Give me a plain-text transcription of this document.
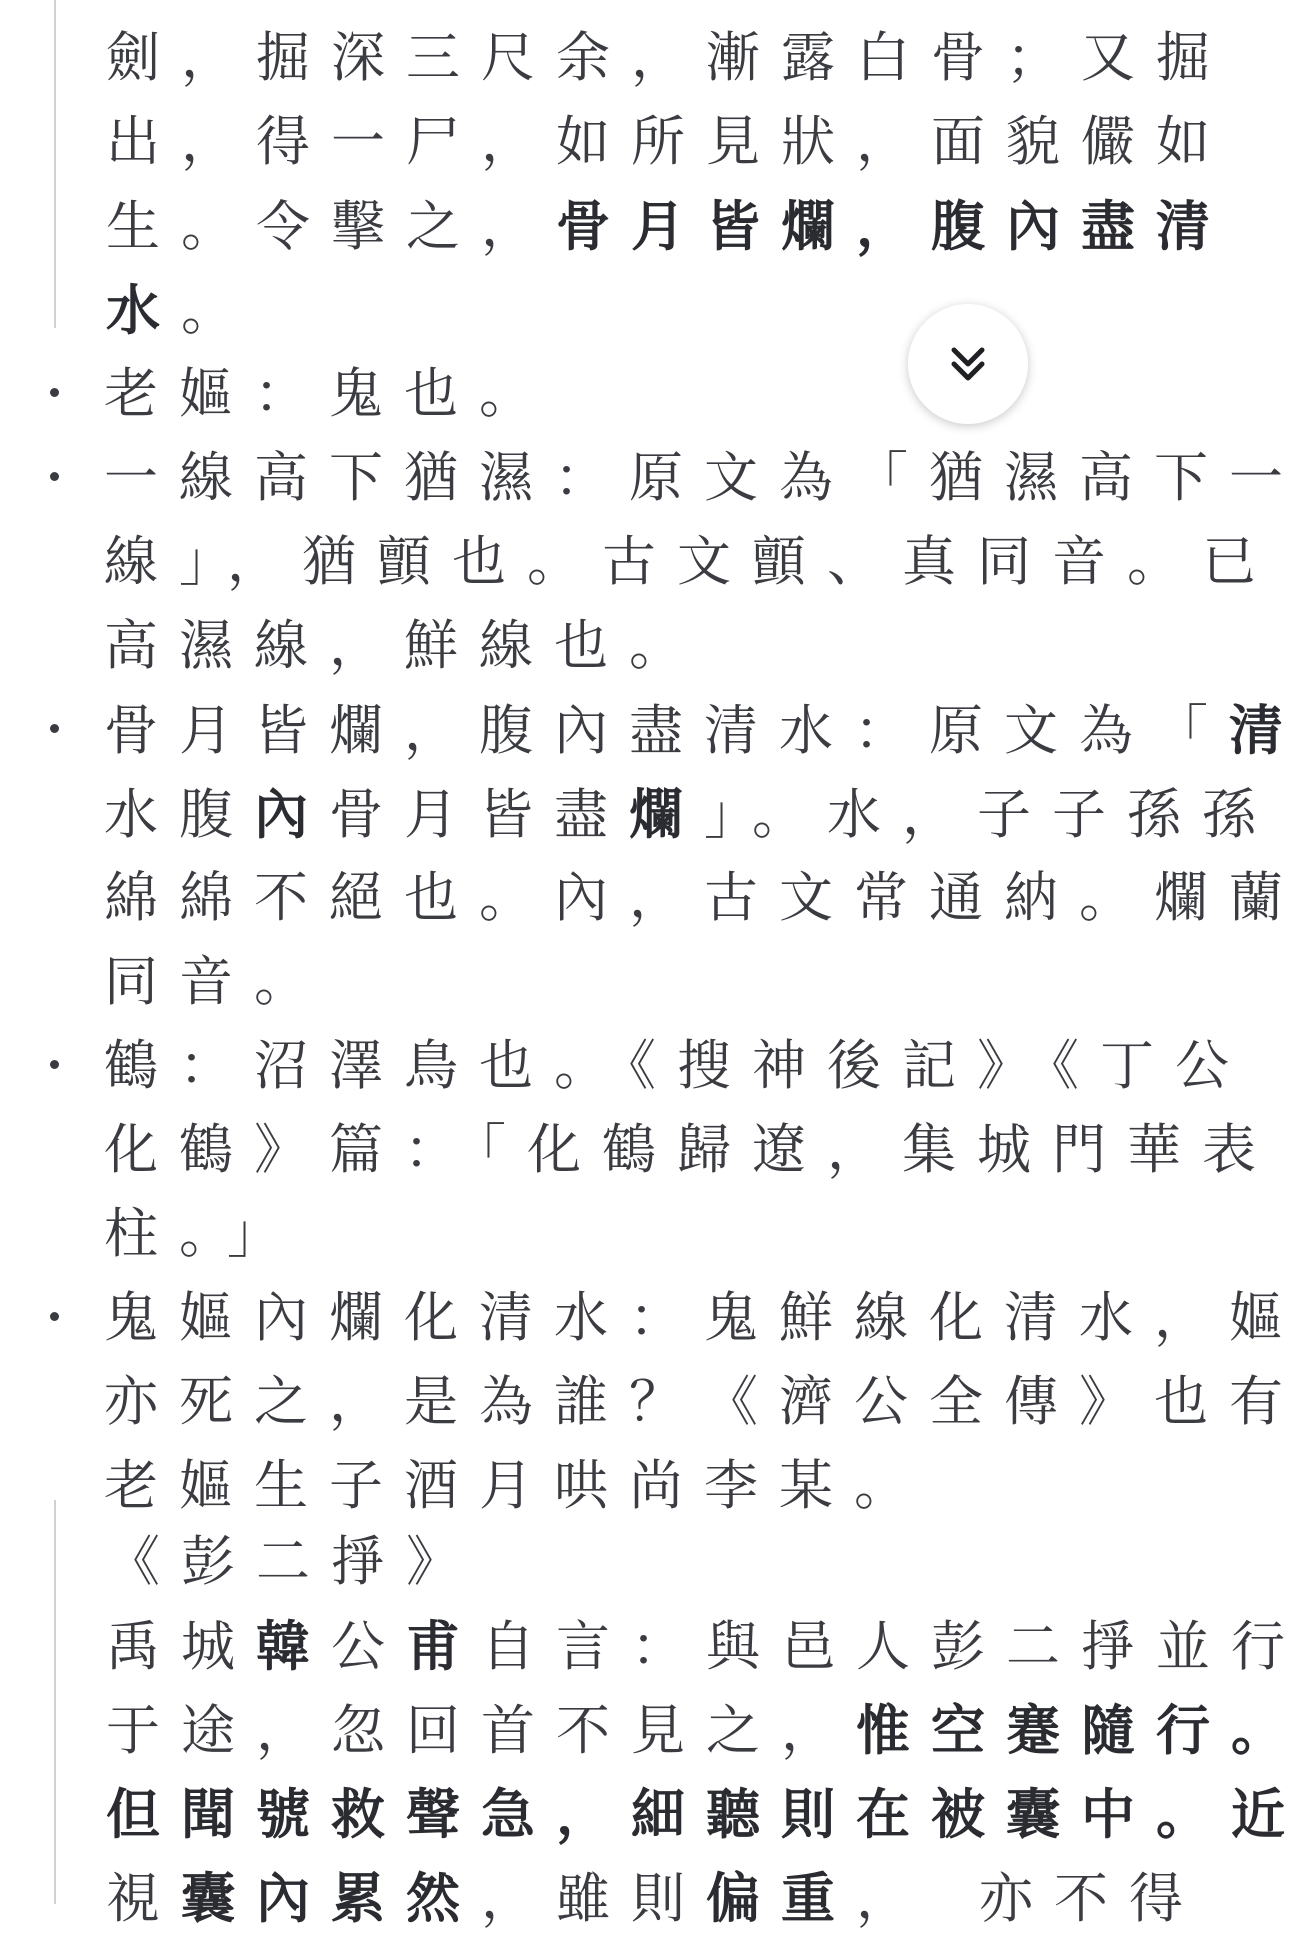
劍，掘深三尺余，漸露白骨；又掘
出，得一尸，如所見狀，面貌儼如
生。令擊之，骨月皆爛，腹內盡清
水。
老嫗：鬼也。
一線高下猶濕：原文為「猶濕高下一
線」，猶顫也。古文顫、真同音。已
高濕線，鮮線也。
骨月皆爛，腹內盡清水：原文為「清
水腹內骨月皆盡爛」。水，子子孫孫
綿綿不絕也。內，古文常通納。爛蘭
同音。
鶴：沼澤鳥也。《搜神後記》《丁公
化鶴》篇：「化鶴歸遼，集城門華表
柱。」
鬼嫗內爛化清水：鬼鮮線化清水，嫗
亦死之，是為誰？《濟公全傳》也有
老嫗生子酒月哄尚李某。
《彭二掙》
禹城韓公甫自言：與邑人彭二掙並行
于途，忽回首不見之，惟空蹇隨行。
但聞號救聲急，細聽則在被囊中。近
視囊內累然，雖則偏重，　亦不得
